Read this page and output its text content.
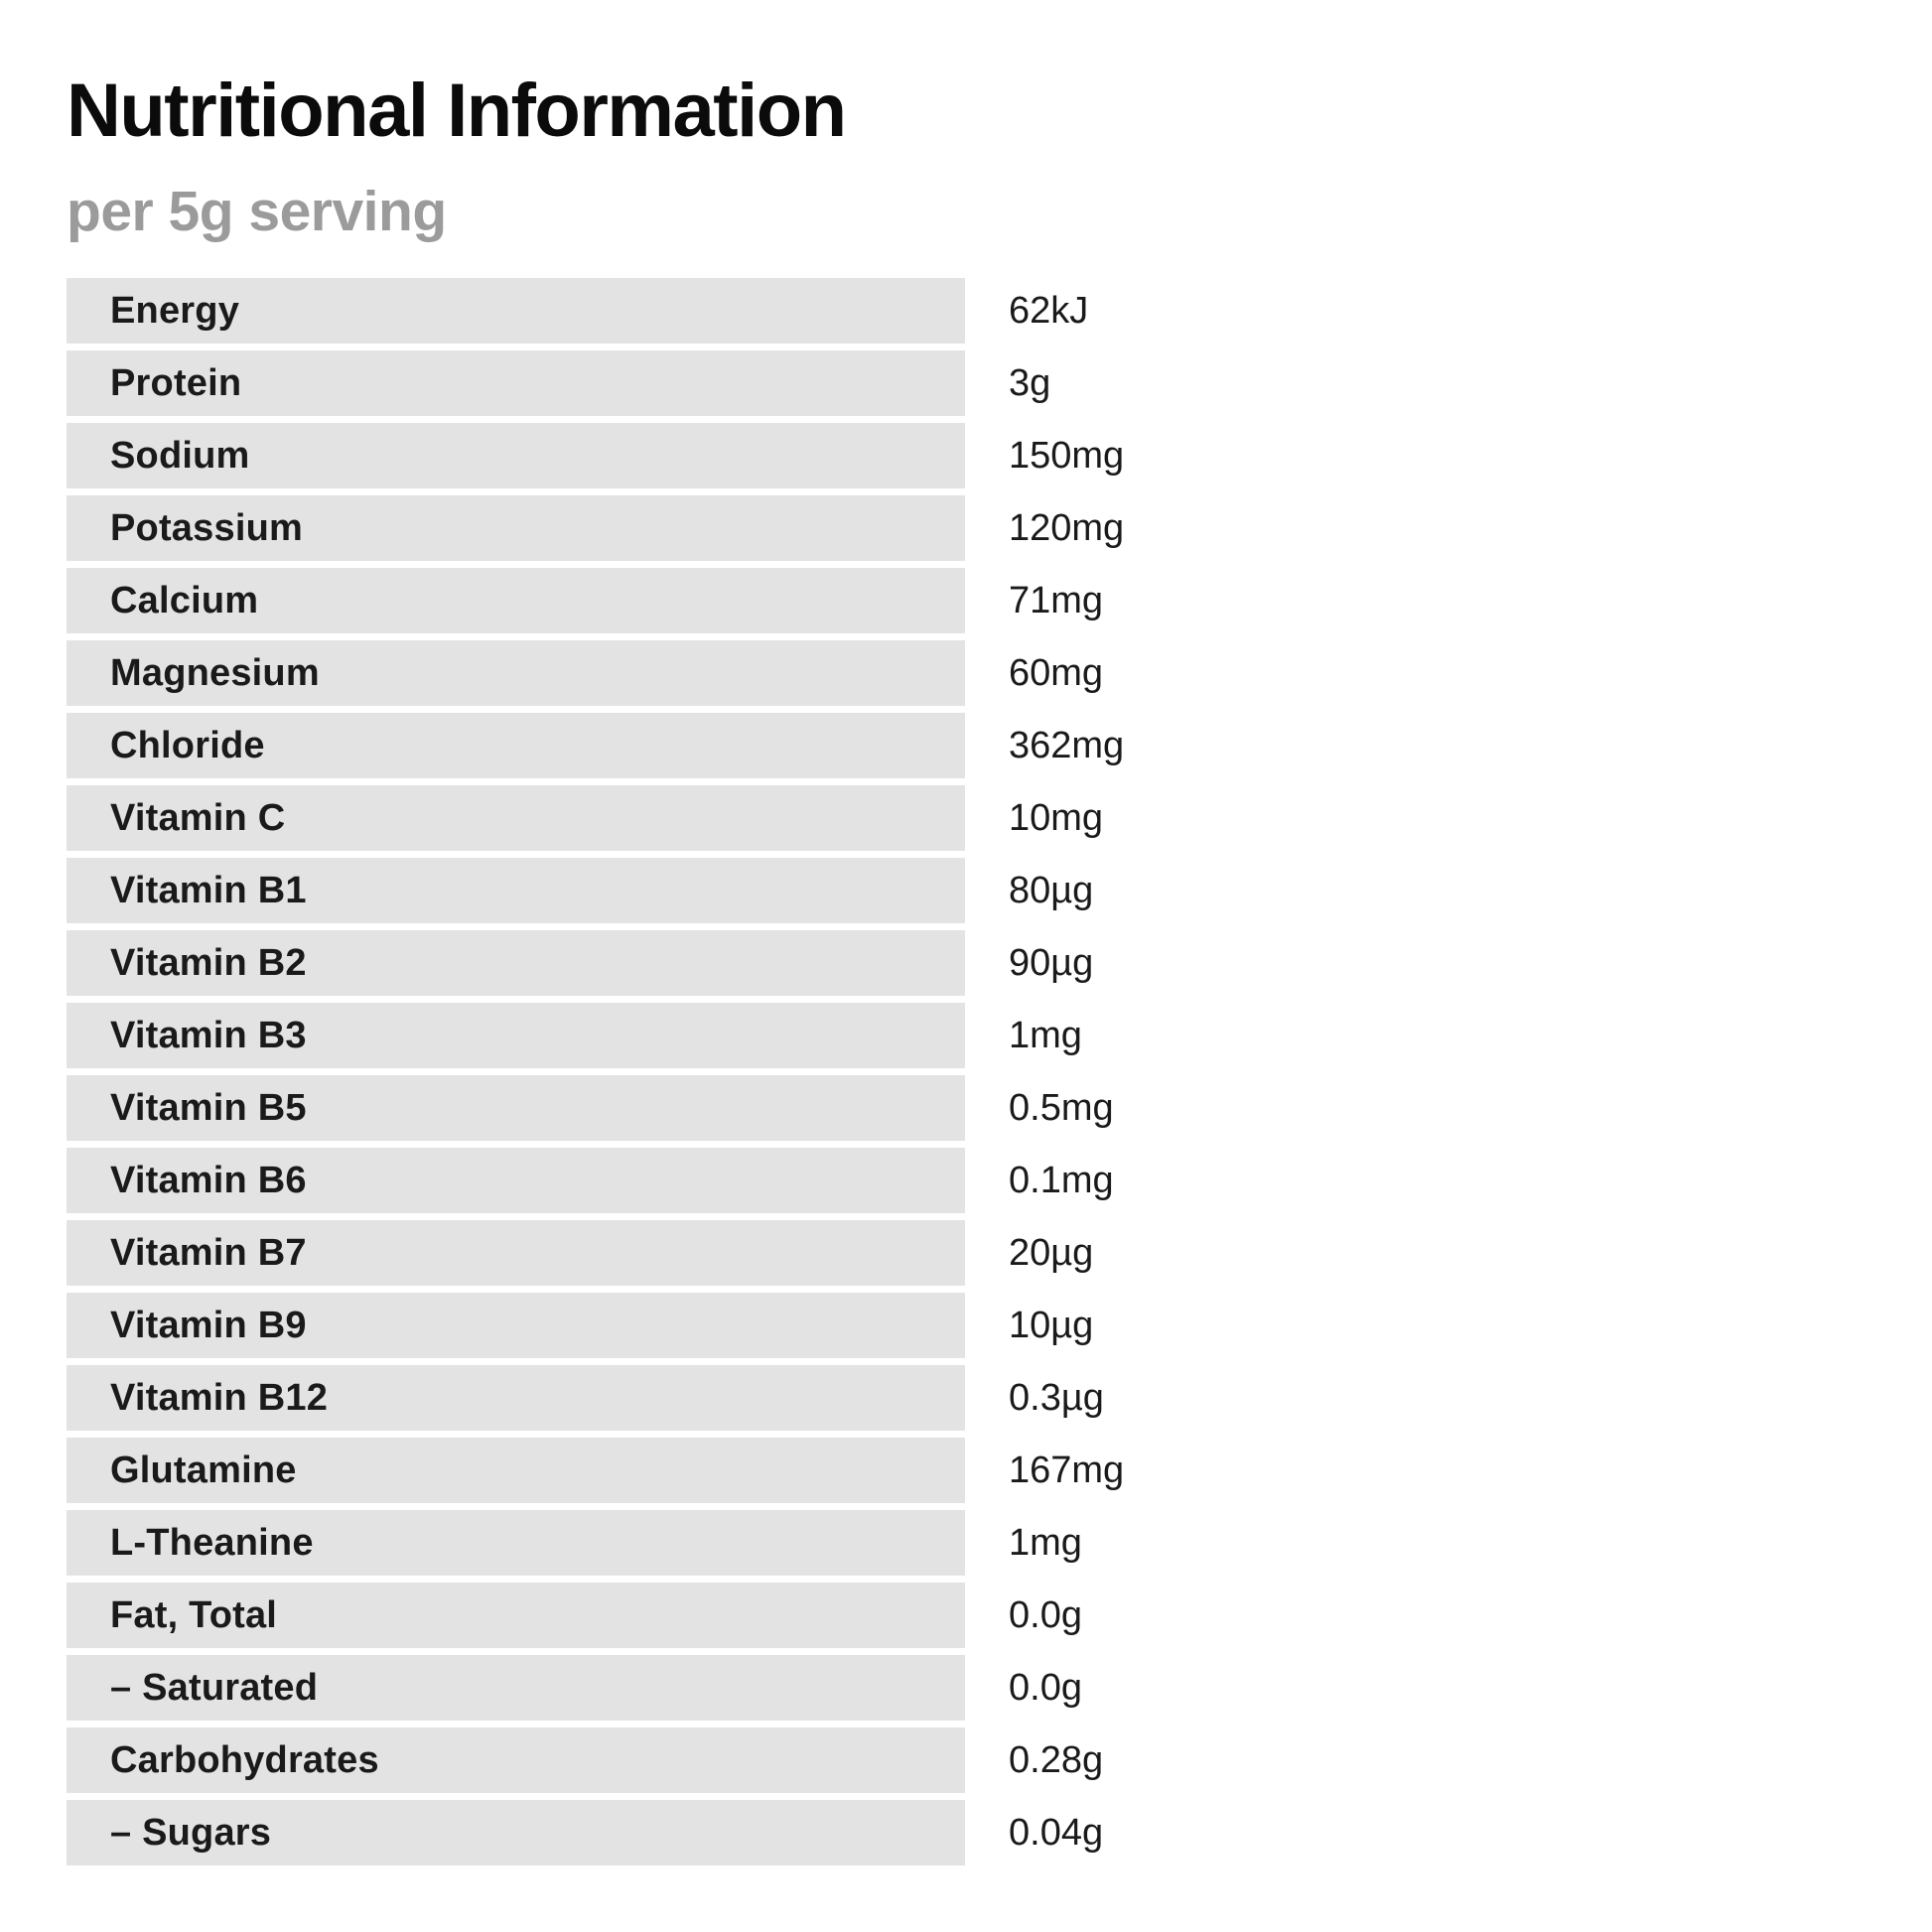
Nutritional Information
per 5g serving
Energy	62kJ
Protein	3g
Sodium	150mg
Potassium	120mg
Calcium	71mg
Magnesium	60mg
Chloride	362mg
Vitamin C	10mg
Vitamin B1	80µg
Vitamin B2	90µg
Vitamin B3	1mg
Vitamin B5	0.5mg
Vitamin B6	0.1mg
Vitamin B7	20µg
Vitamin B9	10µg
Vitamin B12	0.3µg
Glutamine	167mg
L-Theanine	1mg
Fat, Total	0.0g
– Saturated	0.0g
Carbohydrates	0.28g
– Sugars	0.04g
